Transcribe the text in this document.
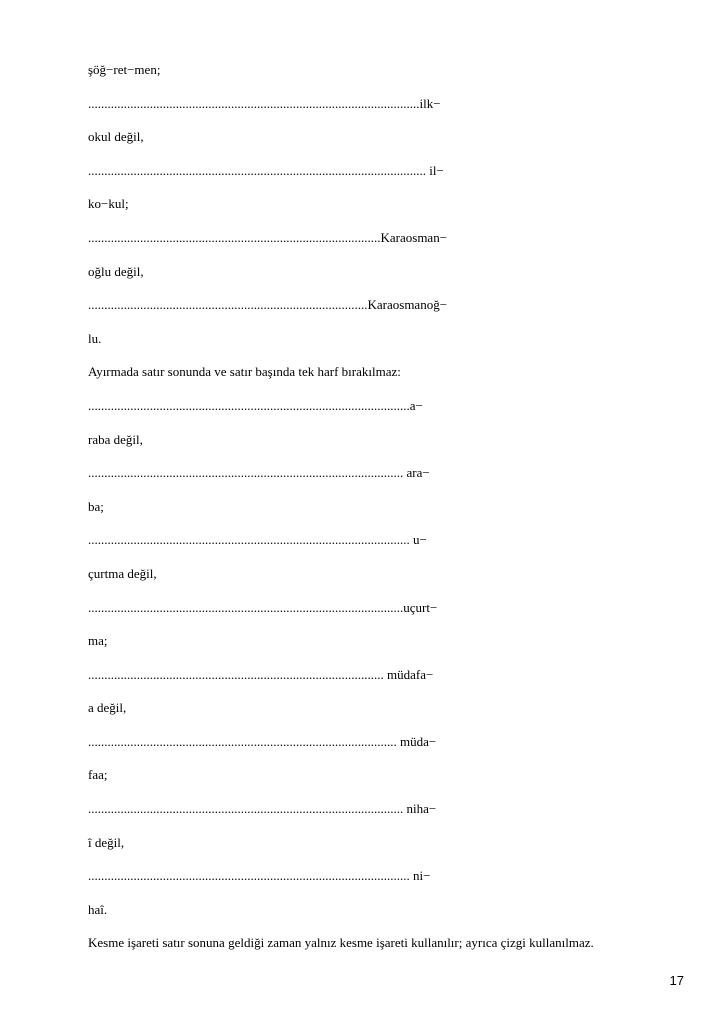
şöğ−ret−men;
......................................................................................................ilk−
okul değil,
........................................................................................................ il−
ko−kul;
..........................................................................................Karaosman−
oğlu değil,
......................................................................................Karaosmanoğ−
lu.
Ayırmada satır sonunda ve satır başında tek harf bırakılmaz:
...................................................................................................a−
raba değil,
................................................................................................. ara−
ba;
................................................................................................... u−
çurtma değil,
.................................................................................................uçurt−
ma;
........................................................................................... müdafa−
a değil,
............................................................................................... müda−
faa;
................................................................................................. niha−
î değil,
................................................................................................... ni−
haî.
Kesme işareti satır sonuna geldiği zaman yalnız kesme işareti kullanılır; ayrıca çizgi kullanılmaz.
17
